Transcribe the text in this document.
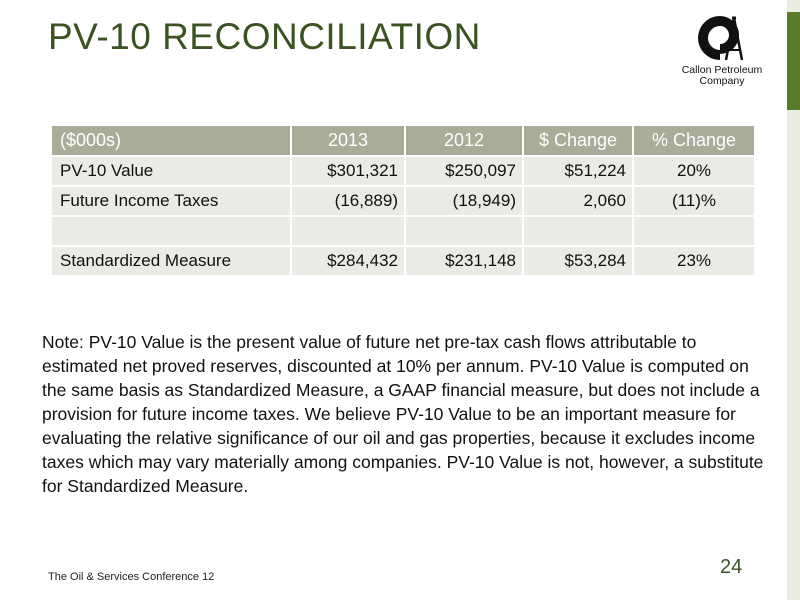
PV-10 RECONCILIATION
Callon Petroleum
Company
($000s)	2013	2012	$ Change	% Change
PV-10 Value	$301,321	$250,097	$51,224	20%
Future Income Taxes	(16,889)	(18,949)	2,060	(11)%

Standardized Measure	$284,432	$231,148	$53,284	23%

Note: PV-10 Value is the present value of future net pre-tax cash flows attributable to estimated net proved reserves, discounted at 10% per annum. PV-10 Value is computed on the same basis as Standardized Measure, a GAAP financial measure, but does not include a provision for future income taxes. We believe PV-10 Value to be an important measure for evaluating the relative significance of our oil and gas properties, because it excludes income taxes which may vary materially among companies. PV-10 Value is not, however, a substitute for Standardized Measure.

The Oil & Services Conference 12	24
